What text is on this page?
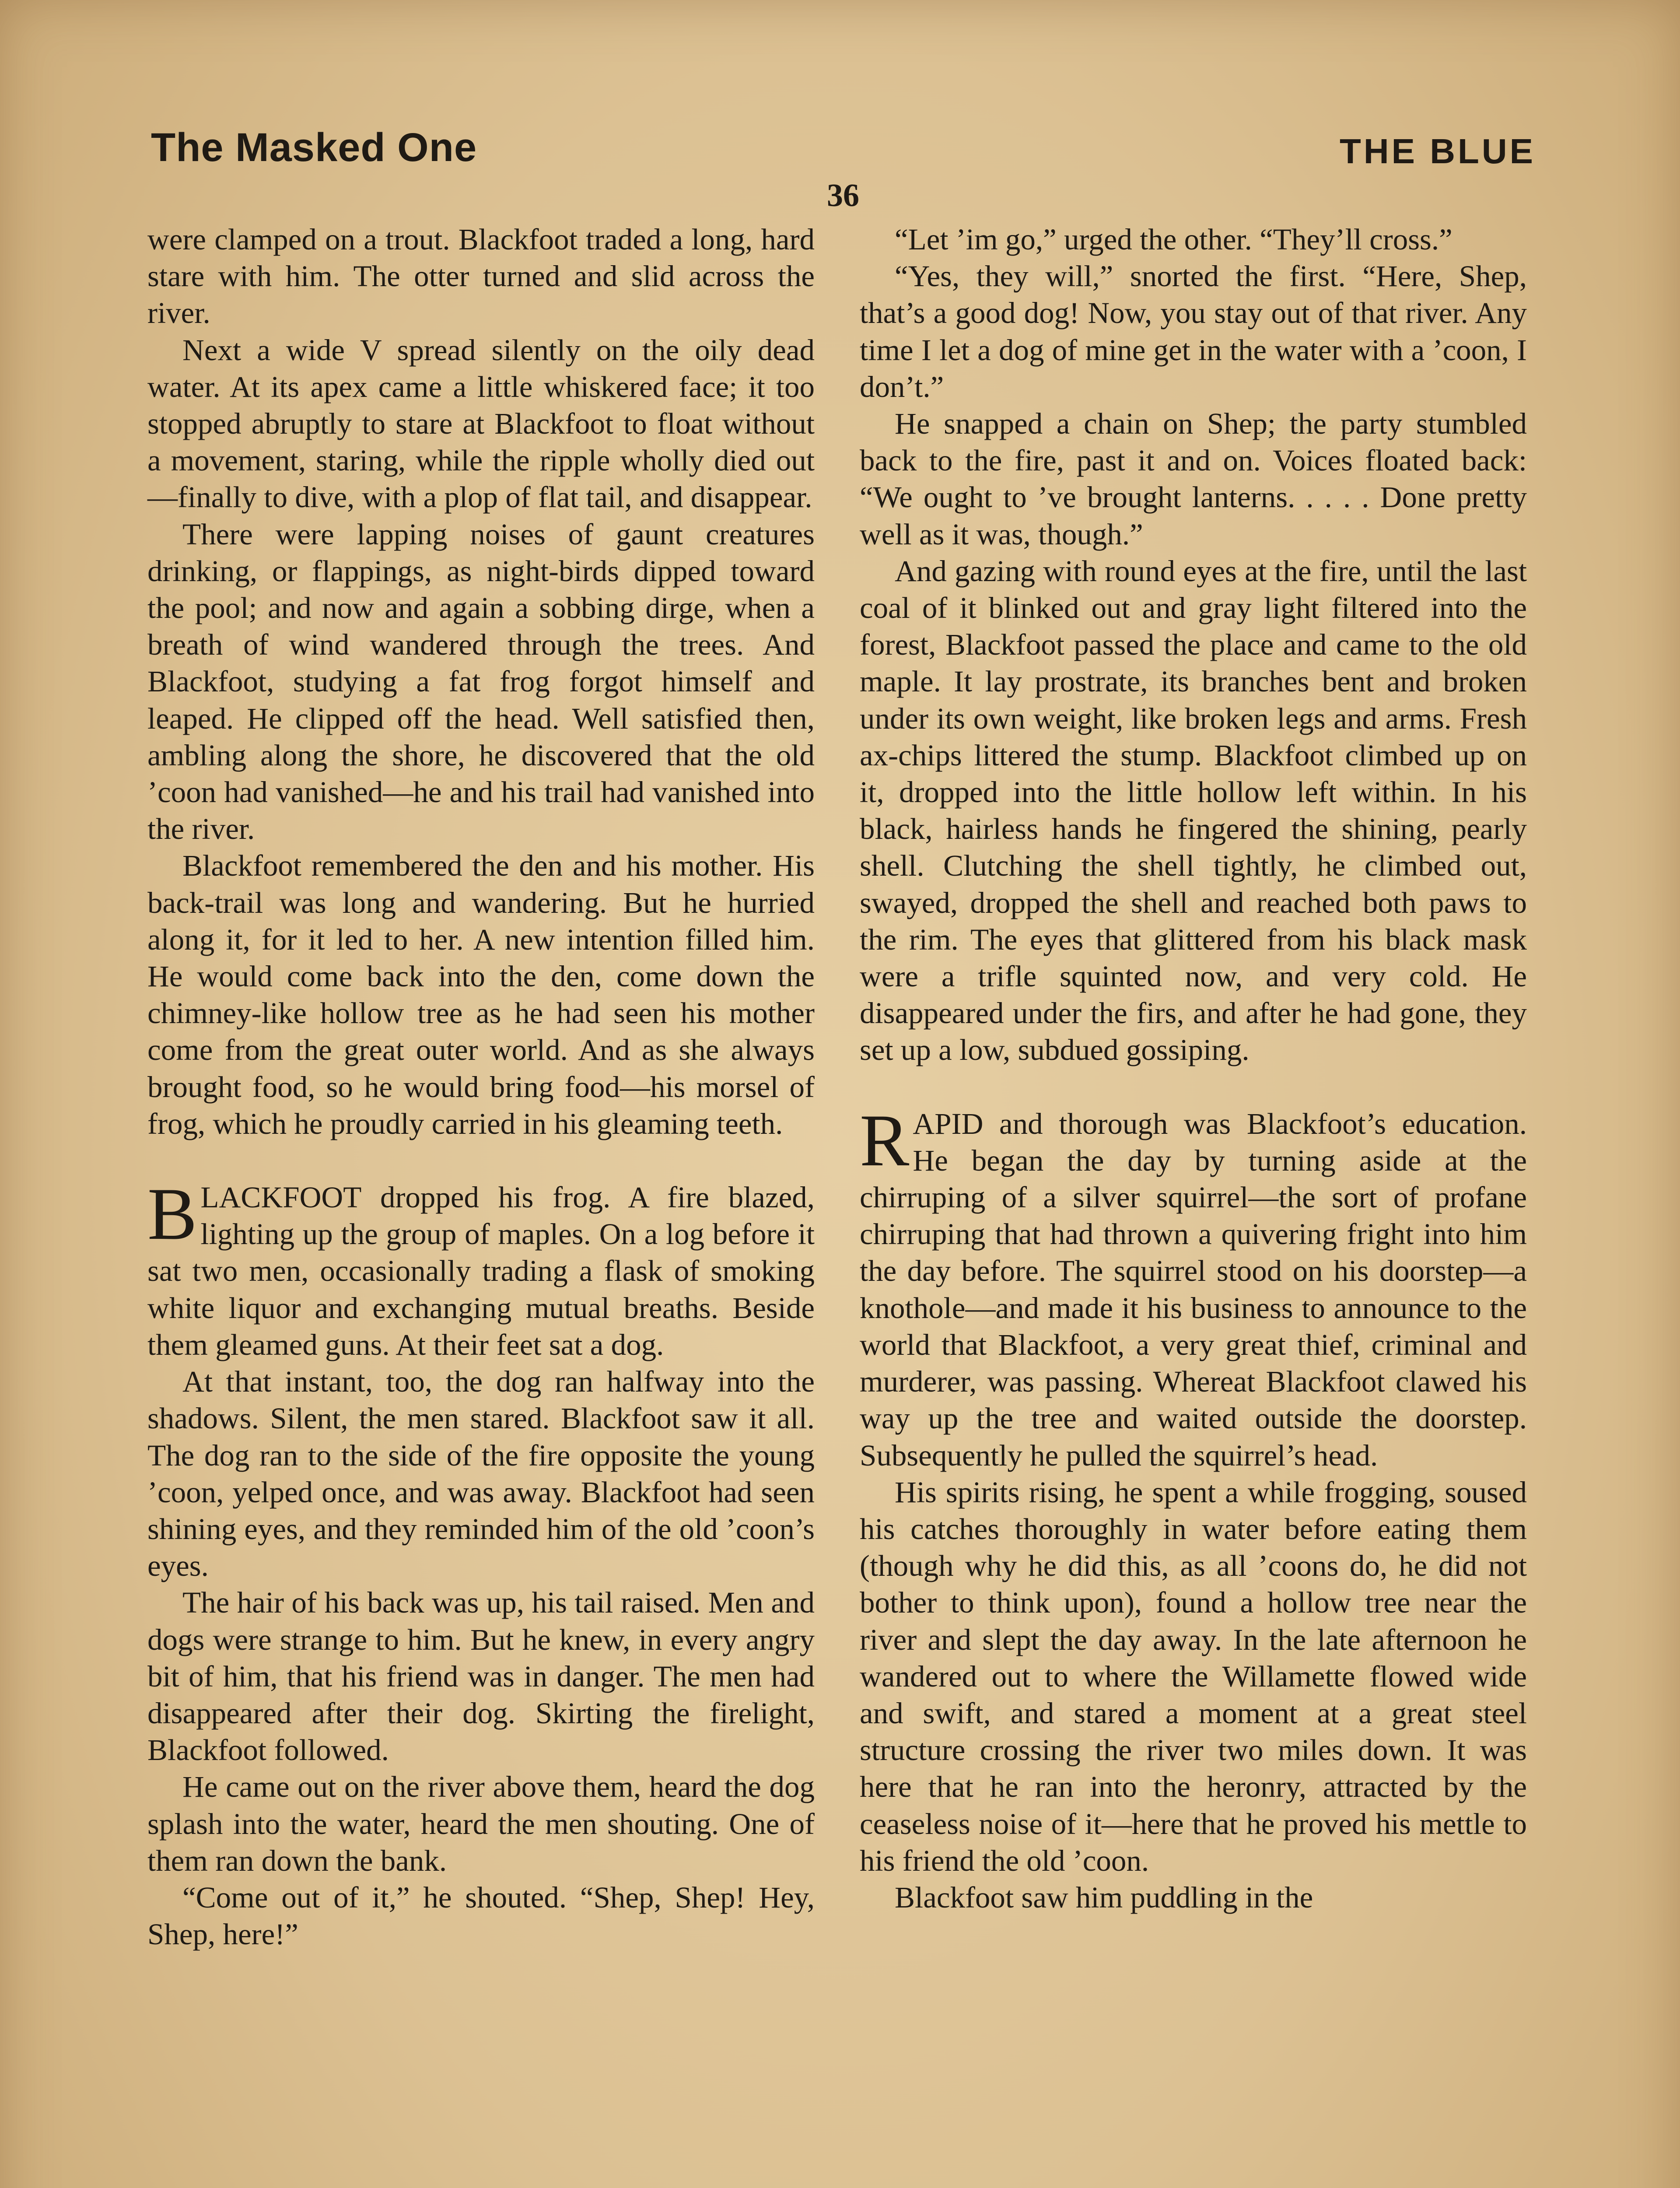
The Masked One	THE BLUE
36

were clamped on a trout. Blackfoot traded a long, hard stare with him. The otter turned and slid across the river.

Next a wide V spread silently on the oily dead water. At its apex came a little whiskered face; it too stopped abruptly to stare at Blackfoot to float without a movement, staring, while the ripple wholly died out—finally to dive, with a plop of flat tail, and disappear.

There were lapping noises of gaunt creatures drinking, or flappings, as night-birds dipped toward the pool; and now and again a sobbing dirge, when a breath of wind wandered through the trees. And Blackfoot, studying a fat frog forgot himself and leaped. He clipped off the head. Well satisfied then, ambling along the shore, he discovered that the old ’coon had vanished—he and his trail had vanished into the river.

Blackfoot remembered the den and his mother. His back-trail was long and wandering. But he hurried along it, for it led to her. A new intention filled him. He would come back into the den, come down the chimney-like hollow tree as he had seen his mother come from the great outer world. And as she always brought food, so he would bring food—his morsel of frog, which he proudly carried in his gleaming teeth.

BLACKFOOT dropped his frog. A fire blazed, lighting up the group of maples. On a log before it sat two men, occasionally trading a flask of smoking white liquor and exchanging mutual breaths. Beside them gleamed guns. At their feet sat a dog.

At that instant, too, the dog ran halfway into the shadows. Silent, the men stared. Blackfoot saw it all. The dog ran to the side of the fire opposite the young ’coon, yelped once, and was away. Blackfoot had seen shining eyes, and they reminded him of the old ’coon’s eyes.

The hair of his back was up, his tail raised. Men and dogs were strange to him. But he knew, in every angry bit of him, that his friend was in danger. The men had disappeared after their dog. Skirting the firelight, Blackfoot followed.

He came out on the river above them, heard the dog splash into the water, heard the men shouting. One of them ran down the bank.

“Come out of it,” he shouted. “Shep, Shep! Hey, Shep, here!”

“Let ’im go,” urged the other. “They’ll cross.”

“Yes, they will,” snorted the first. “Here, Shep, that’s a good dog! Now, you stay out of that river. Any time I let a dog of mine get in the water with a ’coon, I don’t.”

He snapped a chain on Shep; the party stumbled back to the fire, past it and on. Voices floated back: “We ought to ’ve brought lanterns. . . . . Done pretty well as it was, though.”

And gazing with round eyes at the fire, until the last coal of it blinked out and gray light filtered into the forest, Blackfoot passed the place and came to the old maple. It lay prostrate, its branches bent and broken under its own weight, like broken legs and arms. Fresh ax-chips littered the stump. Blackfoot climbed up on it, dropped into the little hollow left within. In his black, hairless hands he fingered the shining, pearly shell. Clutching the shell tightly, he climbed out, swayed, dropped the shell and reached both paws to the rim. The eyes that glittered from his black mask were a trifle squinted now, and very cold. He disappeared under the firs, and after he had gone, they set up a low, subdued gossiping.

RAPID and thorough was Blackfoot’s education. He began the day by turning aside at the chirruping of a silver squirrel—the sort of profane chirruping that had thrown a quivering fright into him the day before. The squirrel stood on his doorstep—a knothole—and made it his business to announce to the world that Blackfoot, a very great thief, criminal and murderer, was passing. Whereat Blackfoot clawed his way up the tree and waited outside the doorstep. Subsequently he pulled the squirrel’s head.

His spirits rising, he spent a while frogging, soused his catches thoroughly in water before eating them (though why he did this, as all ’coons do, he did not bother to think upon), found a hollow tree near the river and slept the day away. In the late afternoon he wandered out to where the Willamette flowed wide and swift, and stared a moment at a great steel structure crossing the river two miles down. It was here that he ran into the heronry, attracted by the ceaseless noise of it—here that he proved his mettle to his friend the old ’coon.

Blackfoot saw him puddling in the
